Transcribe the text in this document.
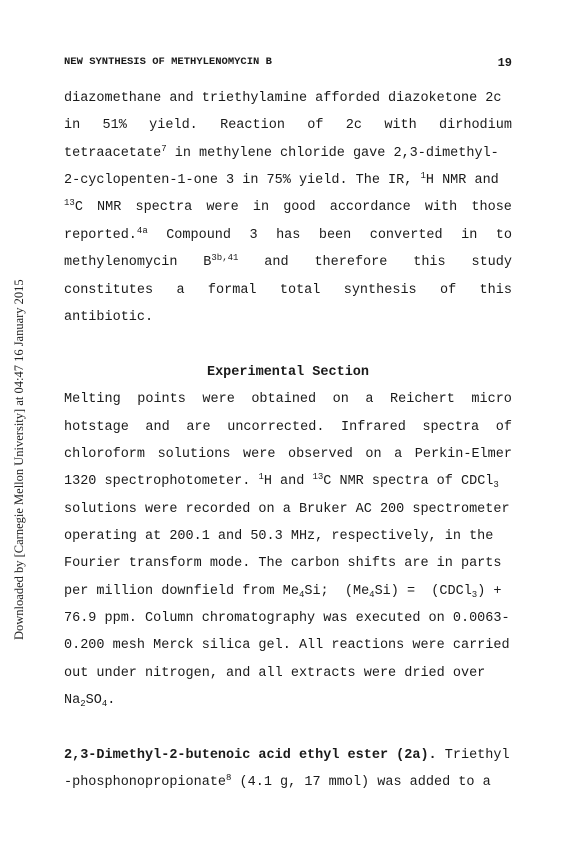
Downloaded by [Carnegie Mellon University] at 04:47 16 January 2015
NEW SYNTHESIS OF METHYLENOMYCIN B	19
diazomethane and triethylamine afforded diazoketone 2c
in 51% yield. Reaction of 2c with dirhodium
tetraacetate$^7$ in methylene chloride gave 2,3-dimethyl-
2-cyclopenten-1-one 3 in 75% yield. The IR, $^1$H NMR and
$^{13}$C NMR spectra were in good accordance with those
reported.$^{4a}$ Compound 3 has been converted in to
methylenomycin $B^{3b,41}$ and therefore this study
constitutes a formal total synthesis of this
antibiotic.
Experimental Section
Melting points were obtained on a Reichert micro
hotstage and are uncorrected. Infrared spectra of
chloroform solutions were observed on a Perkin-Elmer
1320 spectrophotometer. $^1$H and $^{13}$C NMR spectra of CDCl$_3$
solutions were recorded on a Bruker AC 200 spectrometer
operating at 200.1 and 50.3 MHz, respectively, in the
Fourier transform mode. The carbon shifts are in parts
per million downfield from $Me_4Si$;  $(Me_4Si)$ =  (CDCl$_3$) +
76.9 ppm. Column chromatography was executed on 0.0063-
0.200 mesh Merck silica gel. All reactions were carried
out under nitrogen, and all extracts were dried over
$Na_2SO_4$.
2,3-Dimethyl-2-butenoic acid ethyl ester (2a). Triethyl
-phosphonopropionate$^8$ (4.1 g, 17 mmol) was added to a
